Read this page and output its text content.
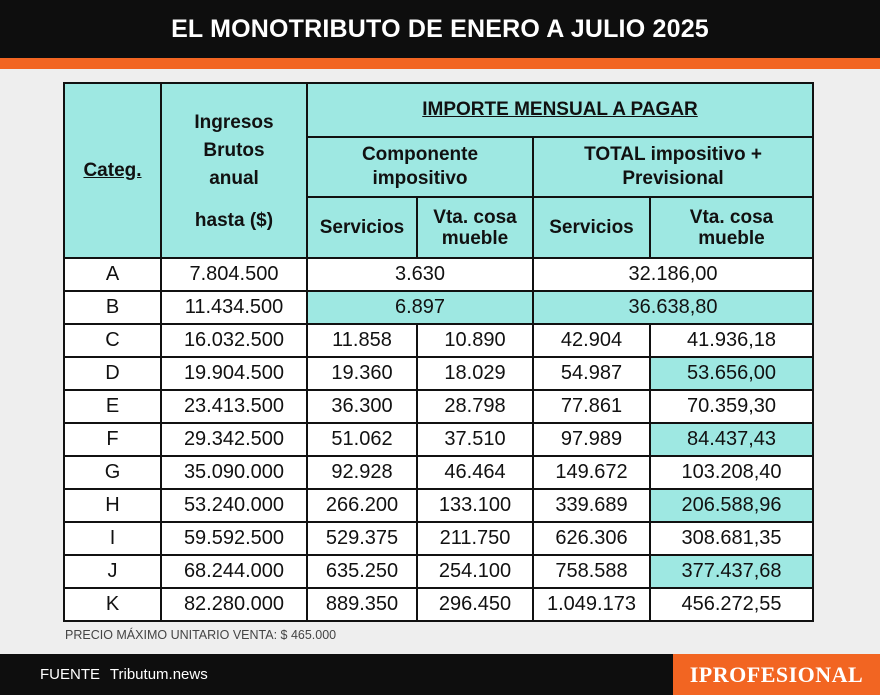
EL MONOTRIBUTO DE ENERO A JULIO 2025
Categ.	Ingresos Brutos anual
hasta ($)	IMPORTE MENSUAL A PAGAR			
		Componente impositivo		TOTAL impositivo + Previsional	
		Servicios	Vta. cosa mueble	Servicios	Vta. cosa mueble
A	7.804.500	3.630		32.186,00	
B	11.434.500	6.897		36.638,80	
C	16.032.500	11.858	10.890	42.904	41.936,18
D	19.904.500	19.360	18.029	54.987	53.656,00
E	23.413.500	36.300	28.798	77.861	70.359,30
F	29.342.500	51.062	37.510	97.989	84.437,43
G	35.090.000	92.928	46.464	149.672	103.208,40
H	53.240.000	266.200	133.100	339.689	206.588,96
I	59.592.500	529.375	211.750	626.306	308.681,35
J	68.244.000	635.250	254.100	758.588	377.437,68
K	82.280.000	889.350	296.450	1.049.173	456.272,55
PRECIO MÁXIMO UNITARIO VENTA: $ 465.000
FUENTE Tributum.news	IPROFESIONAL
